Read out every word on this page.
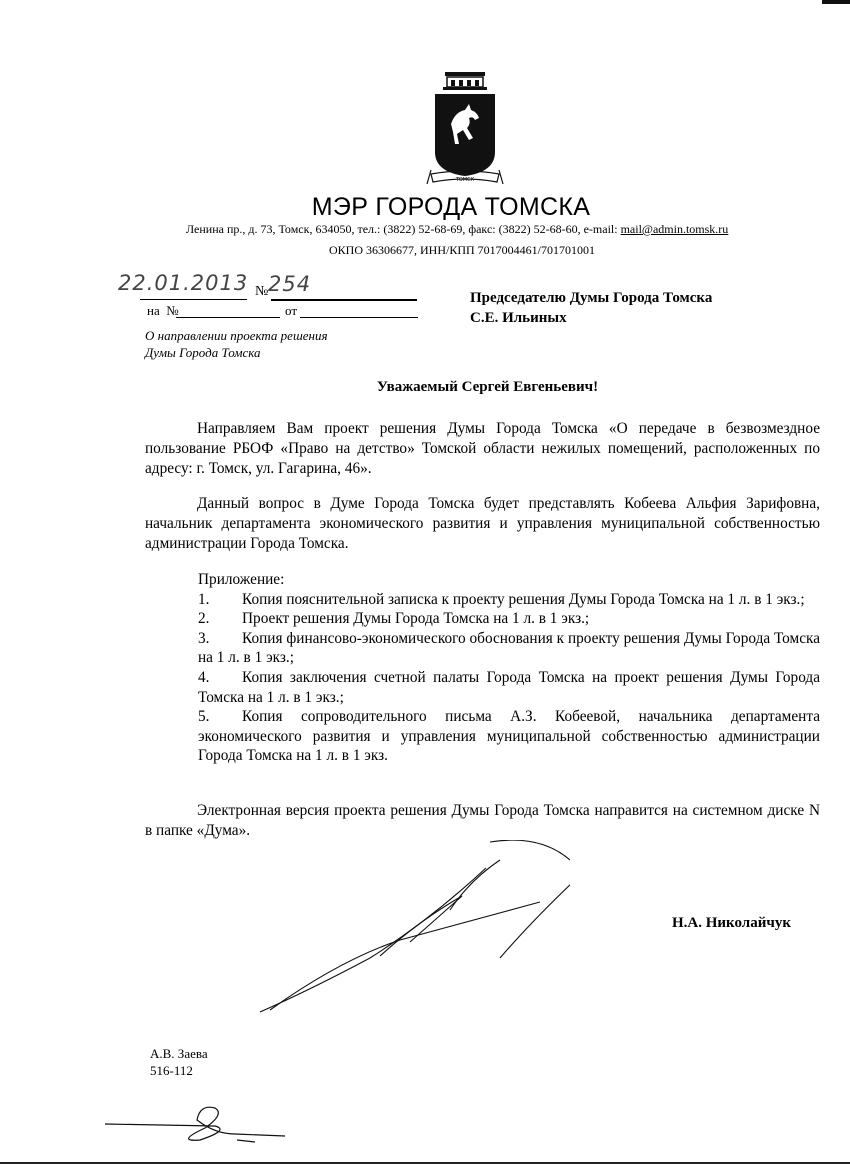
ТОМСК
МЭР ГОРОДА ТОМСКА
Ленина пр., д. 73, Томск, 634050, тел.: (3822) 52-68-69, факс: (3822) 52-68-60, e-mail: mail@admin.tomsk.ru
ОКПО 36306677, ИНН/КПП 7017004461/701701001
22.01.2013 № 254
на  №	от
О направлении проекта решения
Думы Города Томска
Председателю Думы Города Томска
С.Е. Ильиных
Уважаемый Сергей Евгеньевич!
Направляем Вам проект решения Думы Города Томска «О передаче в безвозмездное пользование РБОФ «Право на детство» Томской области нежилых помещений, расположенных по адресу: г. Томск, ул. Гагарина, 46».
Данный вопрос в Думе Города Томска будет представлять Кобеева Альфия Зарифовна, начальник департамента экономического развития и управления муниципальной собственностью администрации Города Томска.
Приложение:
1. Копия пояснительной записка к проекту решения Думы Города Томска на 1 л. в 1 экз.;
2. Проект решения Думы Города Томска на 1 л. в 1 экз.;
3. Копия финансово-экономического обоснования к проекту решения Думы Города Томска на 1 л. в 1 экз.;
4. Копия заключения счетной палаты Города Томска на проект решения Думы Города Томска на 1 л. в 1 экз.;
5. Копия сопроводительного письма А.З. Кобеевой, начальника департамента экономического развития и управления муниципальной собственностью администрации Города Томска на 1 л. в 1 экз.
Электронная версия проекта решения Думы Города Томска направится на системном диске N в папке «Дума».
Н.А. Николайчук
А.В. Заева
516-112
